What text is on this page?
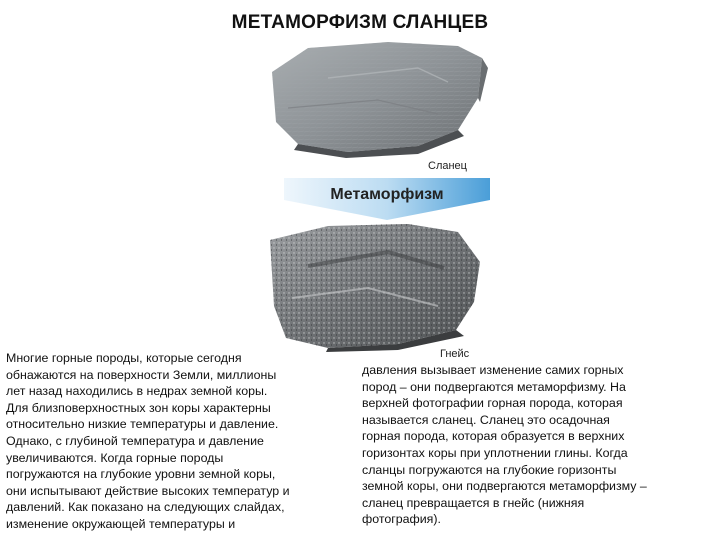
МЕТАМОРФИЗМ СЛАНЦЕВ
Сланец
Метаморфизм
Гнейс
Многие горные породы, которые сегодня
обнажаются на поверхности Земли, миллионы
лет назад находились в недрах земной коры.
Для близповерхностных зон коры характерны
относительно низкие температуры и давление.
Однако, с глубиной температура и давление
увеличиваются. Когда горные породы
погружаются на глубокие уровни земной коры,
они испытывают действие высоких температур и
давлений. Как показано на следующих слайдах,
изменение окружающей температуры и
давления вызывает изменение самих горных
пород – они подвергаются метаморфизму. На
верхней фотографии горная порода, которая
называется сланец. Сланец это осадочная
горная порода, которая образуется в верхних
горизонтах коры при уплотнении глины. Когда
сланцы погружаются на глубокие горизонты
земной коры, они подвергаются метаморфизму –
сланец превращается в гнейс (нижняя
фотография).
